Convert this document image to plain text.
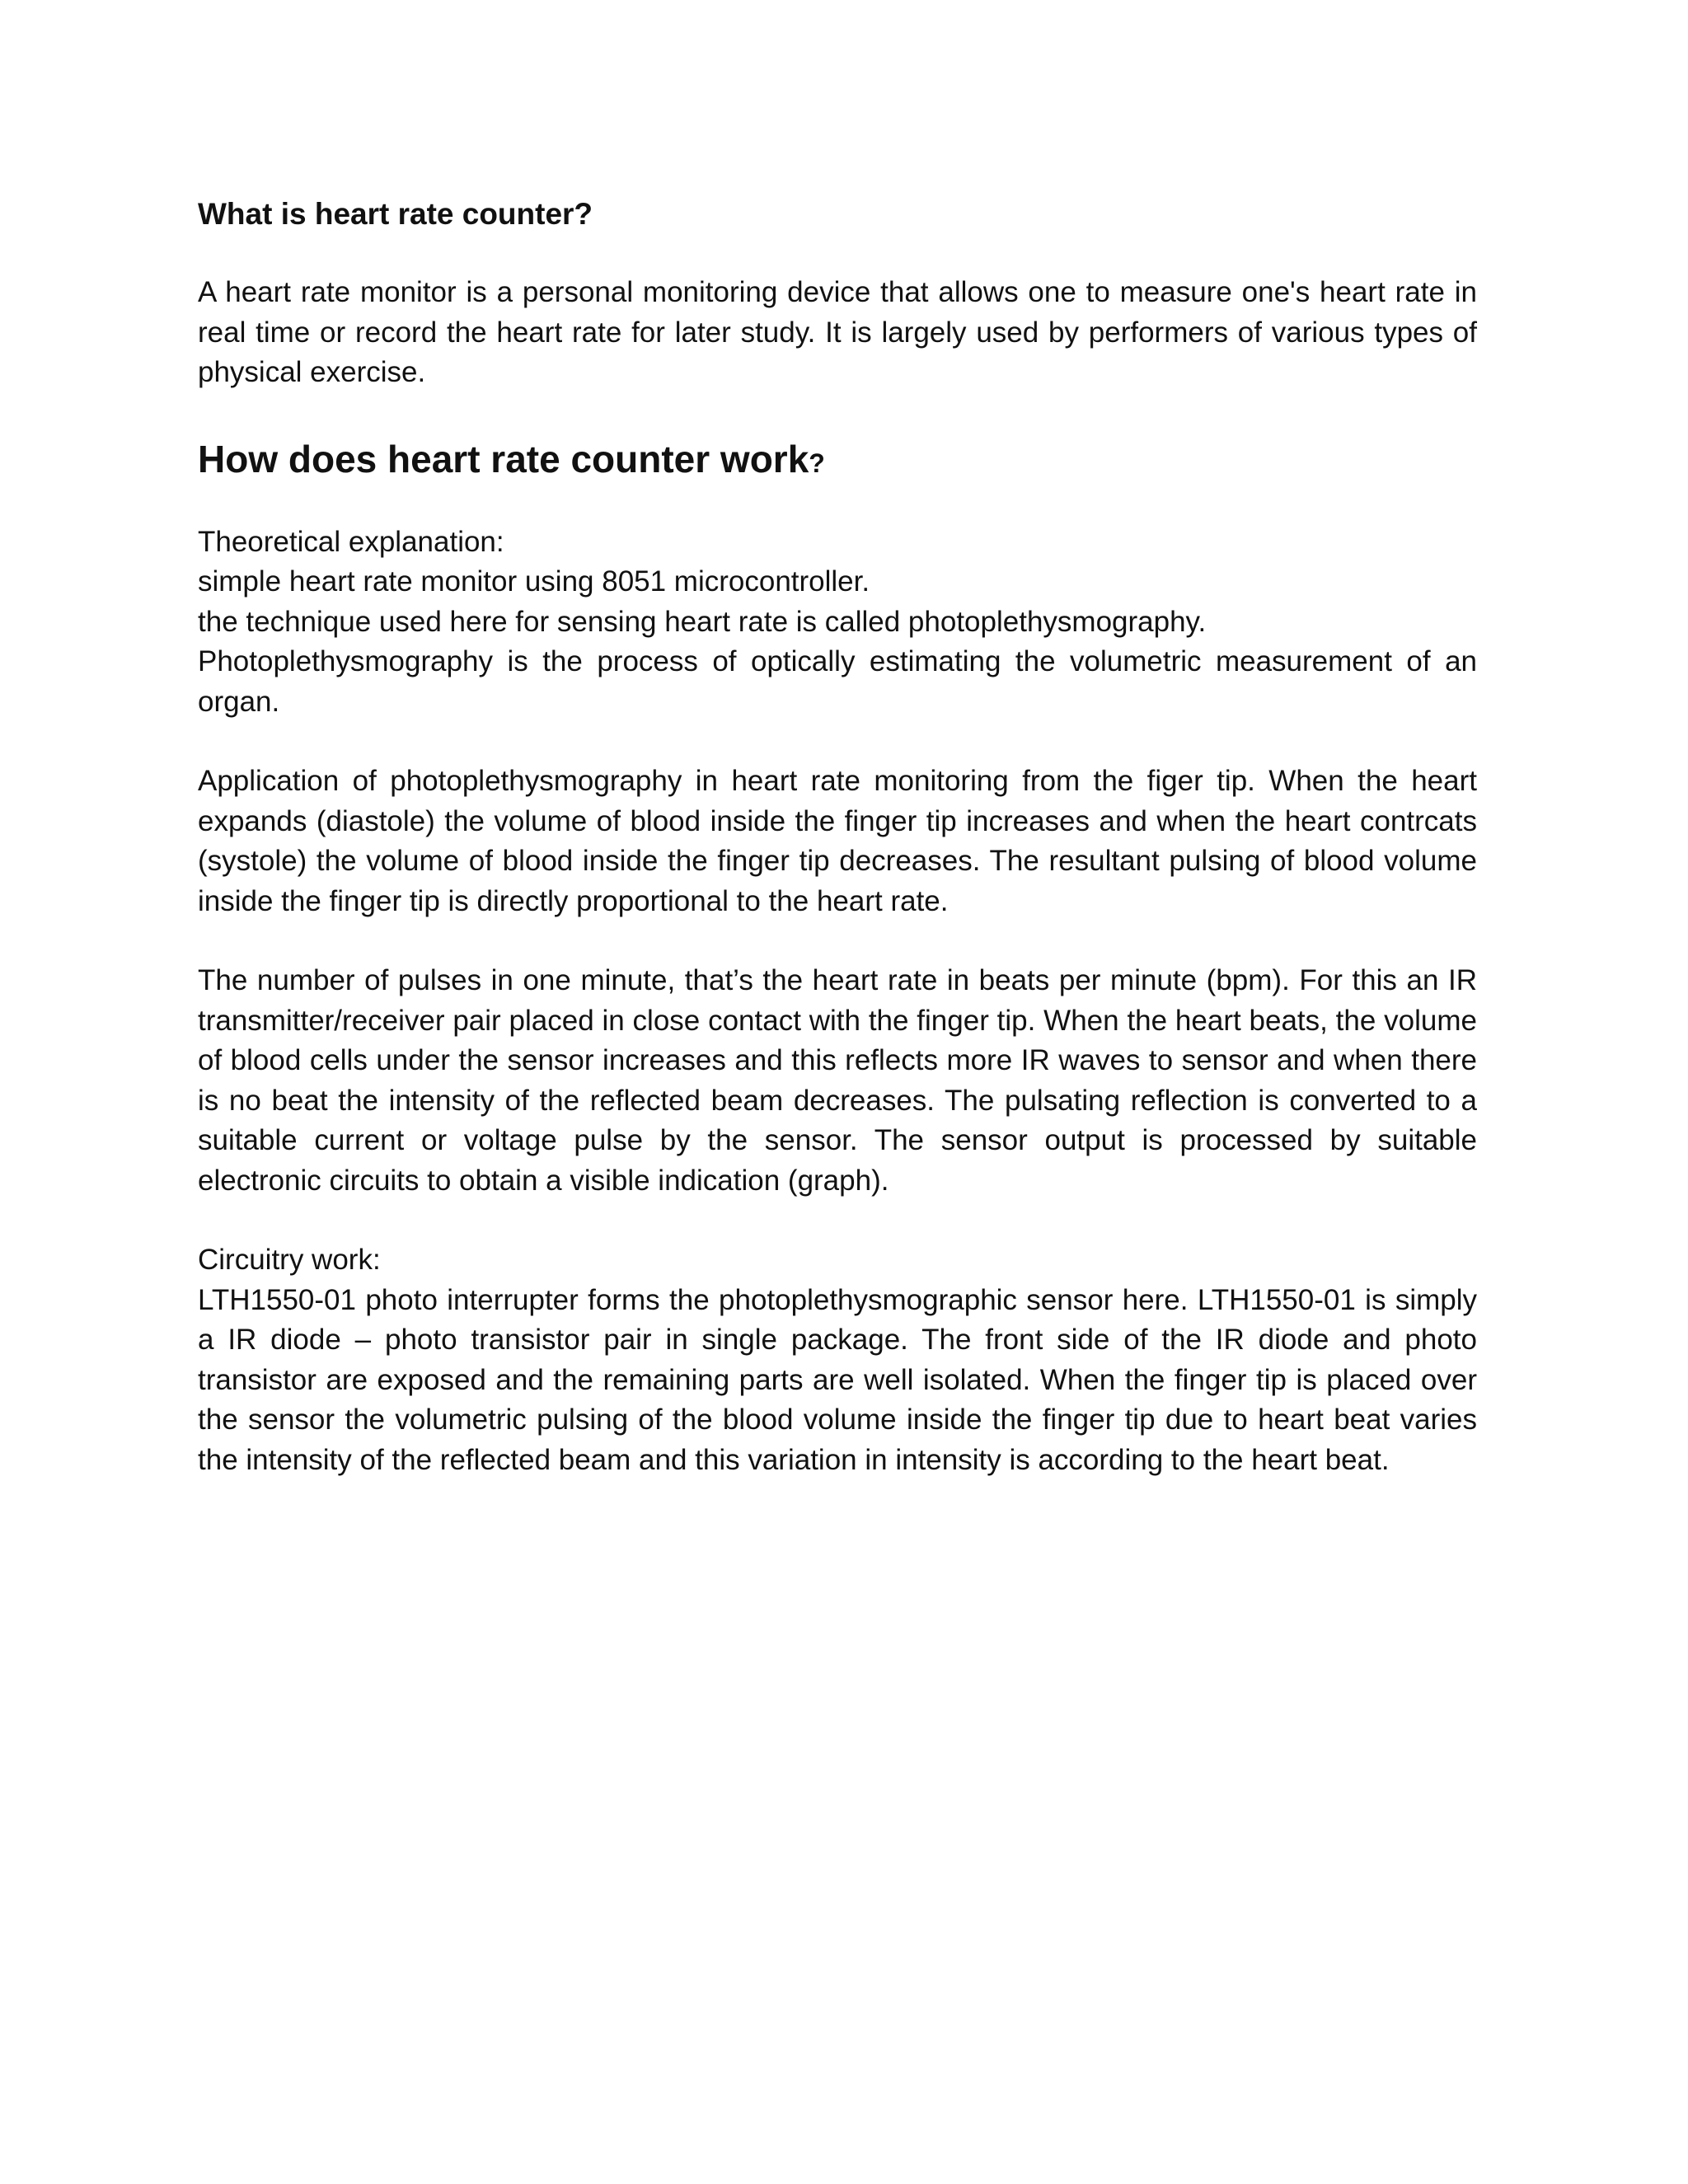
What is heart rate counter?

A heart rate monitor is a personal monitoring device that allows one to measure one's heart rate in real time or record the heart rate for later study. It is largely used by performers of various types of physical exercise.

How does heart rate counter work?

Theoretical explanation:

simple heart rate monitor using 8051 microcontroller.

the technique used here for sensing heart rate is called photoplethysmography.

Photoplethysmography is the process of optically estimating the volumetric measurement of an organ.

Application of photoplethysmography in heart rate monitoring from the figer tip. When the heart expands (diastole) the volume of blood inside the finger tip increases and when the heart contrcats (systole) the volume of blood inside the finger tip decreases. The resultant pulsing of blood volume inside the finger tip is directly proportional to the heart rate.

The number of pulses in one minute, that’s the heart rate in beats per minute (bpm). For this an IR transmitter/receiver pair placed in close contact with the finger tip. When the heart beats, the volume of blood cells under the sensor increases and this reflects more IR waves to sensor and when there is no beat the intensity of the reflected beam decreases. The pulsating reflection is converted to a suitable current or voltage pulse by the sensor. The sensor output is processed by suitable electronic circuits to obtain a visible indication (graph).

Circuitry work:

LTH1550-01 photo interrupter forms the photoplethysmographic sensor here. LTH1550-01 is simply a IR diode – photo transistor pair in single package. The front side of the IR diode and photo transistor are exposed and the remaining parts are well isolated. When the finger tip is placed over the sensor the volumetric pulsing of the blood volume inside the finger tip due to heart beat varies the intensity of the reflected beam and this variation in intensity is according to the heart beat.
